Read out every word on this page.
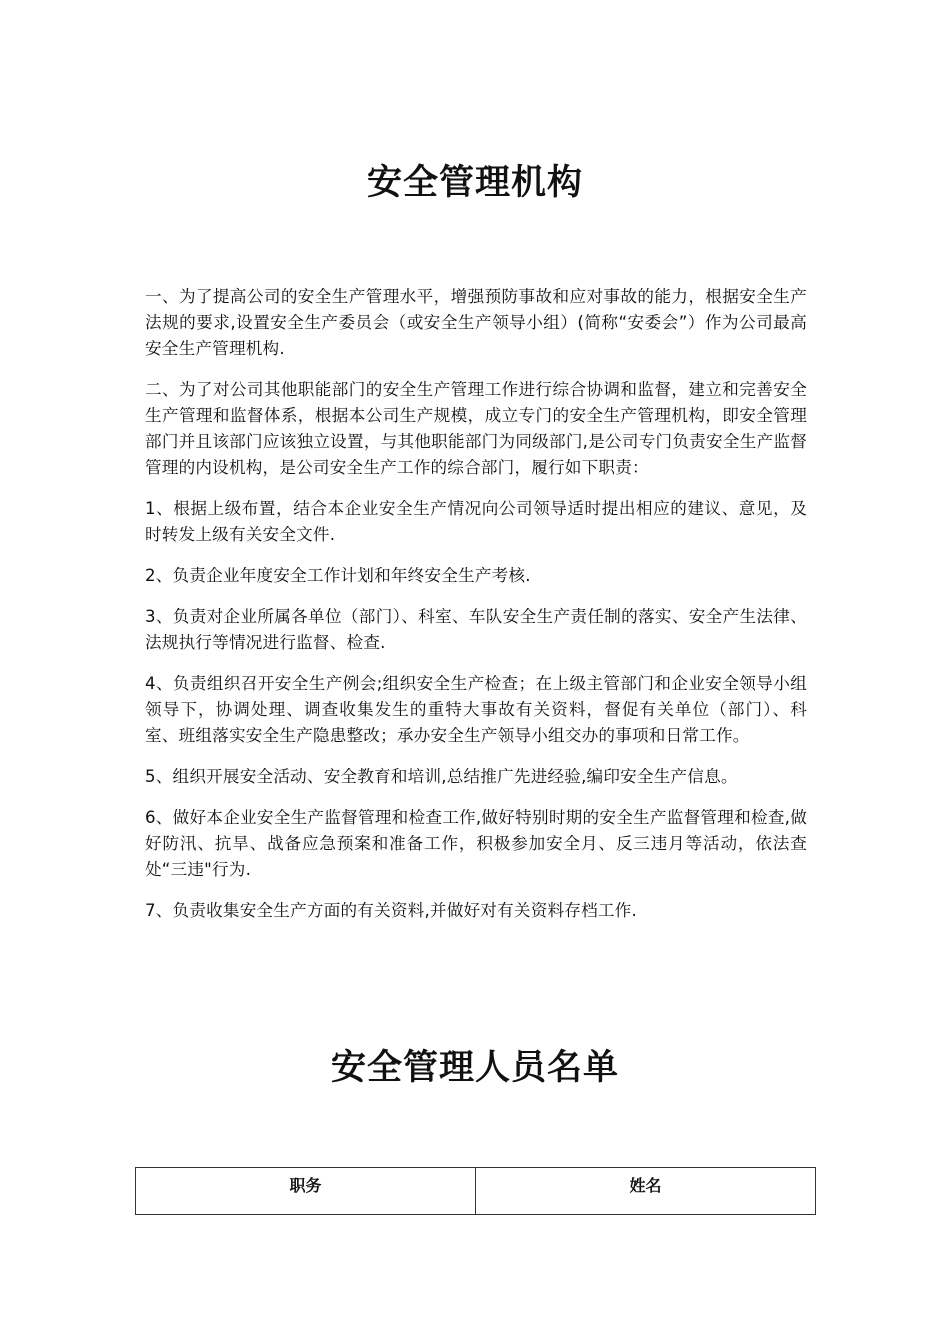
安全管理机构

一、为了提高公司的安全生产管理水平，增强预防事故和应对事故的能力，根据安全生产法规的要求,设置安全生产委员会（或安全生产领导小组）(简称“安委会”）作为公司最高安全生产管理机构.

二、为了对公司其他职能部门的安全生产管理工作进行综合协调和监督，建立和完善安全生产管理和监督体系，根据本公司生产规模，成立专门的安全生产管理机构，即安全管理部门并且该部门应该独立设置，与其他职能部门为同级部门,是公司专门负责安全生产监督管理的内设机构，是公司安全生产工作的综合部门，履行如下职责：

1、根据上级布置，结合本企业安全生产情况向公司领导适时提出相应的建议、意见，及时转发上级有关安全文件.

2、负责企业年度安全工作计划和年终安全生产考核.

3、负责对企业所属各单位（部门）、科室、车队安全生产责任制的落实、安全产生法律、法规执行等情况进行监督、检查.

4、负责组织召开安全生产例会;组织安全生产检查；在上级主管部门和企业安全领导小组领导下，协调处理、调查收集发生的重特大事故有关资料，督促有关单位（部门）、科室、班组落实安全生产隐患整改；承办安全生产领导小组交办的事项和日常工作。

5、组织开展安全活动、安全教育和培训,总结推广先进经验,编印安全生产信息。

6、做好本企业安全生产监督管理和检查工作,做好特别时期的安全生产监督管理和检查,做好防汛、抗旱、战备应急预案和准备工作，积极参加安全月、反三违月等活动，依法查处“三违"行为.

7、负责收集安全生产方面的有关资料,并做好对有关资料存档工作.

安全管理人员名单
职务	姓名
